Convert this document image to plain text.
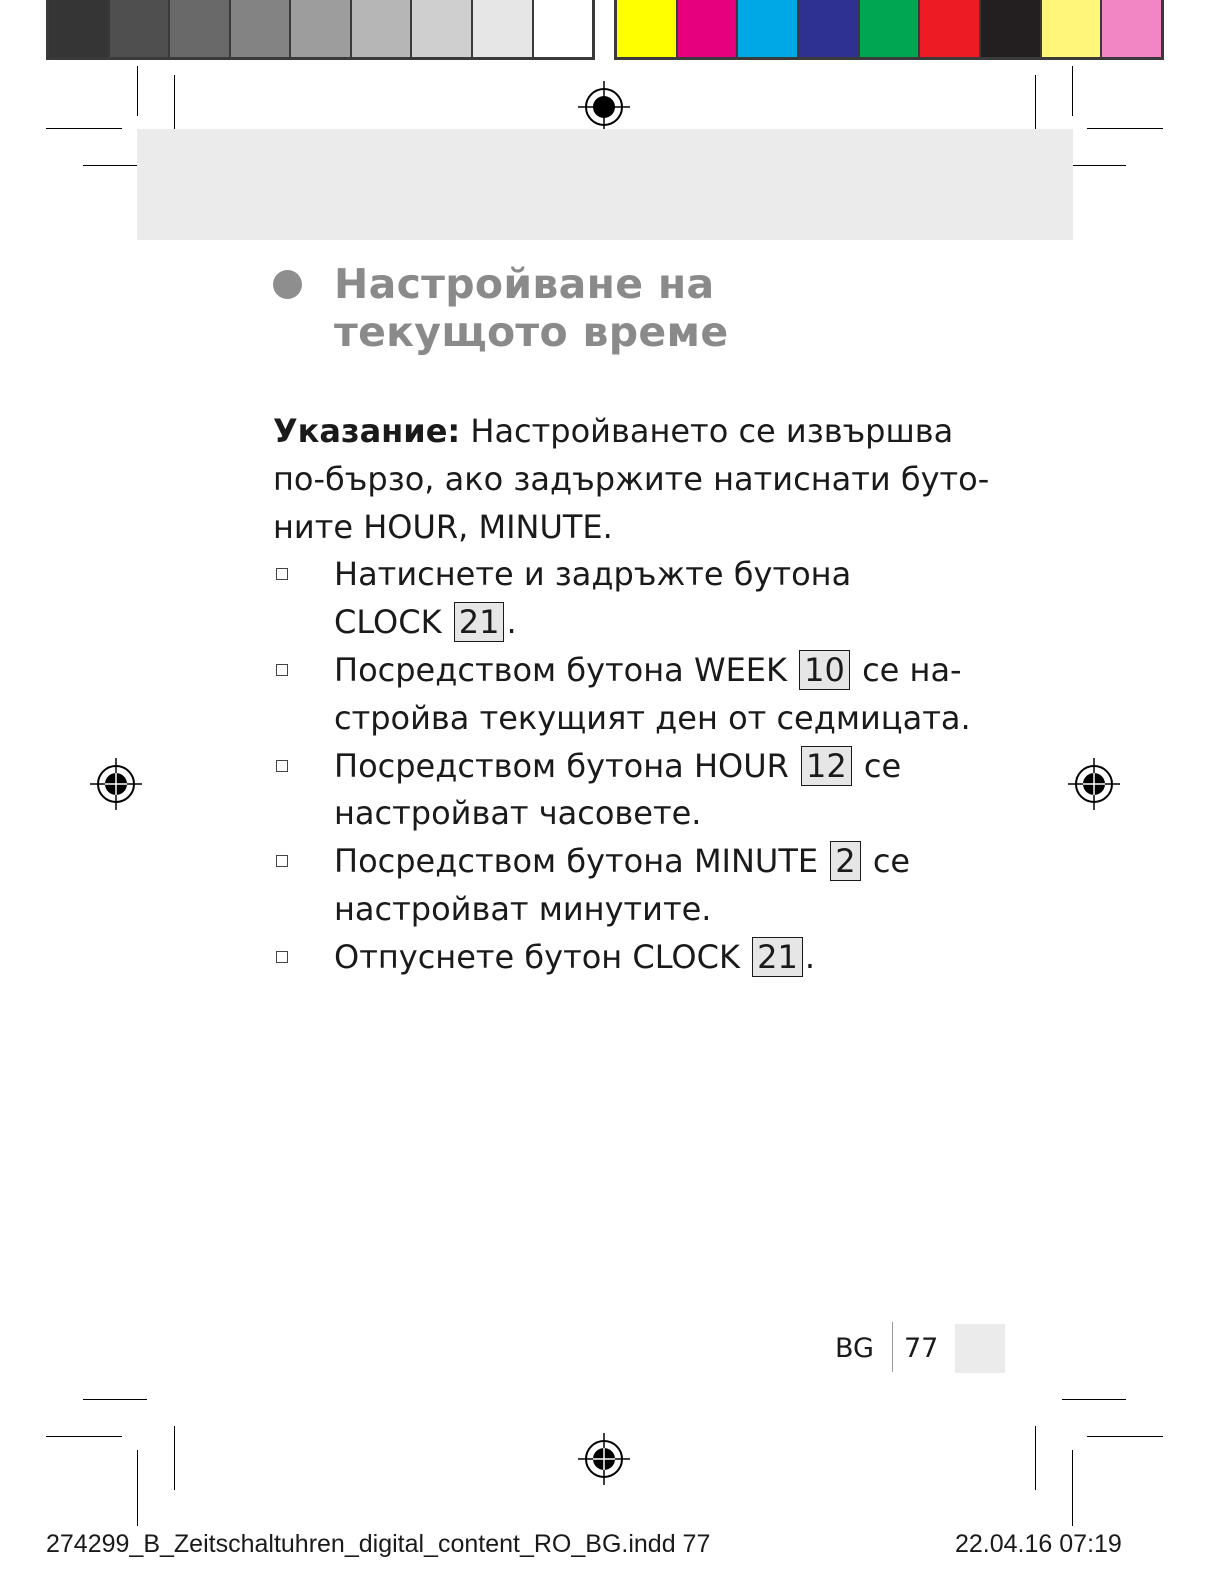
Настройване на
текущото време
Указание: Настройването се извършва
по-бързо, ако задържите натиснати буто-
ните HOUR, MINUTE.
Натиснете и задръжте бутона
CLOCK 21 .
Посредством бутона WEEK 10 се на-
стройва текущият ден от седмицата.
Посредством бутона HOUR 12 се
настройват часовете.
Посредством бутона MINUTE 2 се
настройват минутите.
Отпуснете бутон CLOCK 21 .
BG 77
274299_B_Zeitschaltuhren_digital_content_RO_BG.indd 77	22.04.16 07:19
